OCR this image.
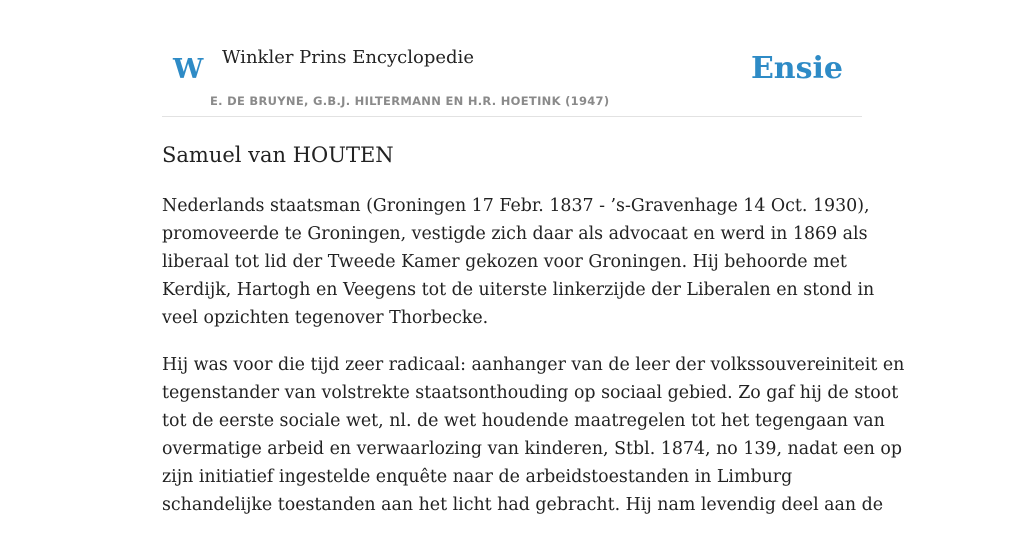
W Winkler Prins Encyclopedie
E. DE BRUYNE, G.B.J. HILTERMANN EN H.R. HOETINK (1947)
Ensie
Samuel van HOUTEN

Nederlands staatsman (Groningen 17 Febr. 1837 - ’s-Gravenhage 14 Oct. 1930),
promoveerde te Groningen, vestigde zich daar als advocaat en werd in 1869 als
liberaal tot lid der Tweede Kamer gekozen voor Groningen. Hij behoorde met
Kerdijk, Hartogh en Veegens tot de uiterste linkerzijde der Liberalen en stond in
veel opzichten tegenover Thorbecke.

Hij was voor die tijd zeer radicaal: aanhanger van de leer der volkssouvereiniteit en
tegenstander van volstrekte staatsonthouding op sociaal gebied. Zo gaf hij de stoot
tot de eerste sociale wet, nl. de wet houdende maatregelen tot het tegengaan van
overmatige arbeid en verwaarlozing van kinderen, Stbl. 1874, no 139, nadat een op
zijn initiatief ingestelde enquête naar de arbeidstoestanden in Limburg
schandelijke toestanden aan het licht had gebracht. Hij nam levendig deel aan de
